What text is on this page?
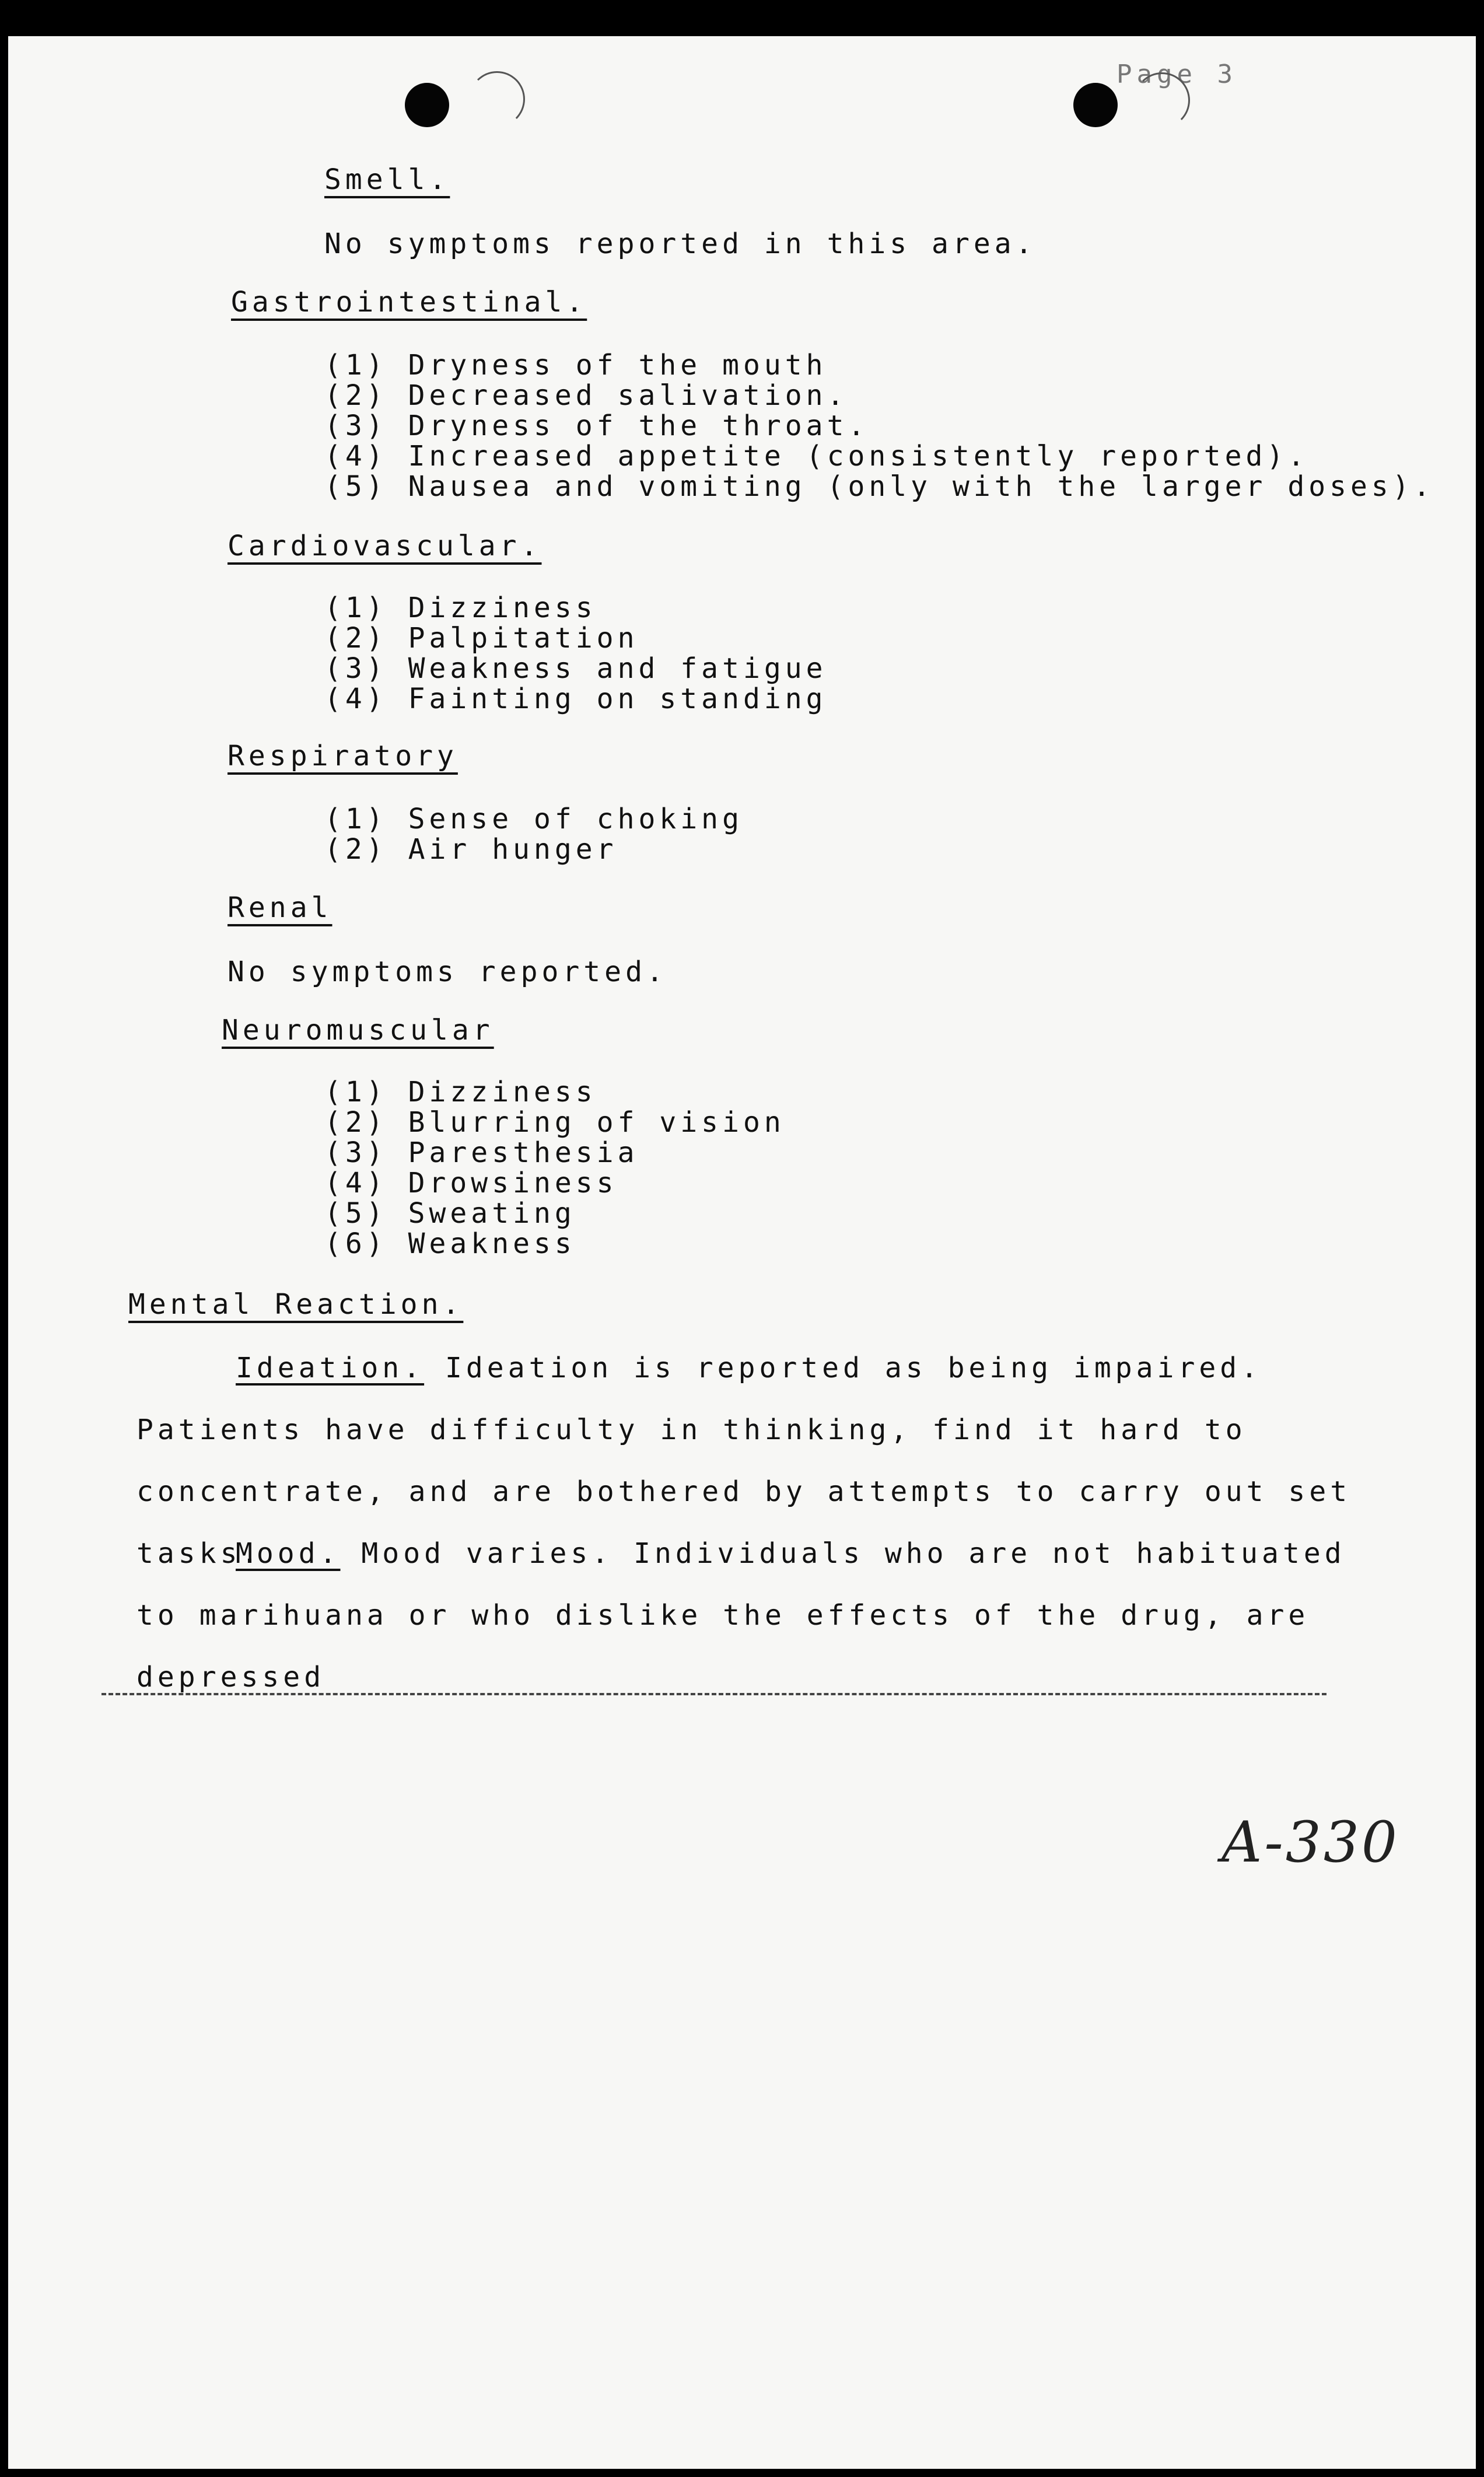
Page 3
Smell.
No symptoms reported in this area.
Gastrointestinal.
(1) Dryness of the mouth
(2) Decreased salivation.
(3) Dryness of the throat.
(4) Increased appetite (consistently reported).
(5) Nausea and vomiting (only with the larger doses).
Cardiovascular.
(1) Dizziness
(2) Palpitation
(3) Weakness and fatigue
(4) Fainting on standing
Respiratory
(1) Sense of choking
(2) Air hunger
Renal
No symptoms reported.
Neuromuscular
(1) Dizziness
(2) Blurring of vision
(3) Paresthesia
(4) Drowsiness
(5) Sweating
(6) Weakness
Mental Reaction.

Ideation. Ideation is reported as being impaired. Patients have difficulty in thinking, find it hard to concentrate, and are bothered by attempts to carry out set tasks.

Mood. Mood varies. Individuals who are not habituated to marihuana or who dislike the effects of the drug, are depressed

A-330
